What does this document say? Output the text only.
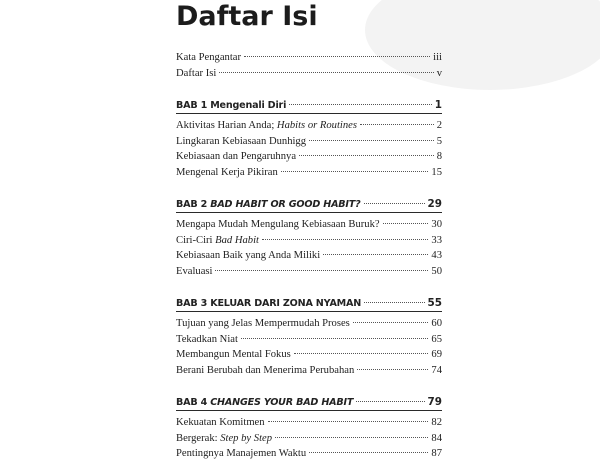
Daftar Isi
Kata Pengantar	iii
Daftar Isi	v
BAB 1 Mengenali Diri	1
Aktivitas Harian Anda; Habits or Routines	2
Lingkaran Kebiasaan Dunhigg	5
Kebiasaan dan Pengaruhnya	8
Mengenal Kerja Pikiran	15
BAB 2 BAD HABIT OR GOOD HABIT?	29
Mengapa Mudah Mengulang Kebiasaan Buruk?	30
Ciri-Ciri Bad Habit	33
Kebiasaan Baik yang Anda Miliki	43
Evaluasi	50
BAB 3 KELUAR DARI ZONA NYAMAN	55
Tujuan yang Jelas Mempermudah Proses	60
Tekadkan Niat	65
Membangun Mental Fokus	69
Berani Berubah dan Menerima Perubahan	74
BAB 4 CHANGES YOUR BAD HABIT	79
Kekuatan Komitmen	82
Bergerak: Step by Step	84
Pentingnya Manajemen Waktu	87
